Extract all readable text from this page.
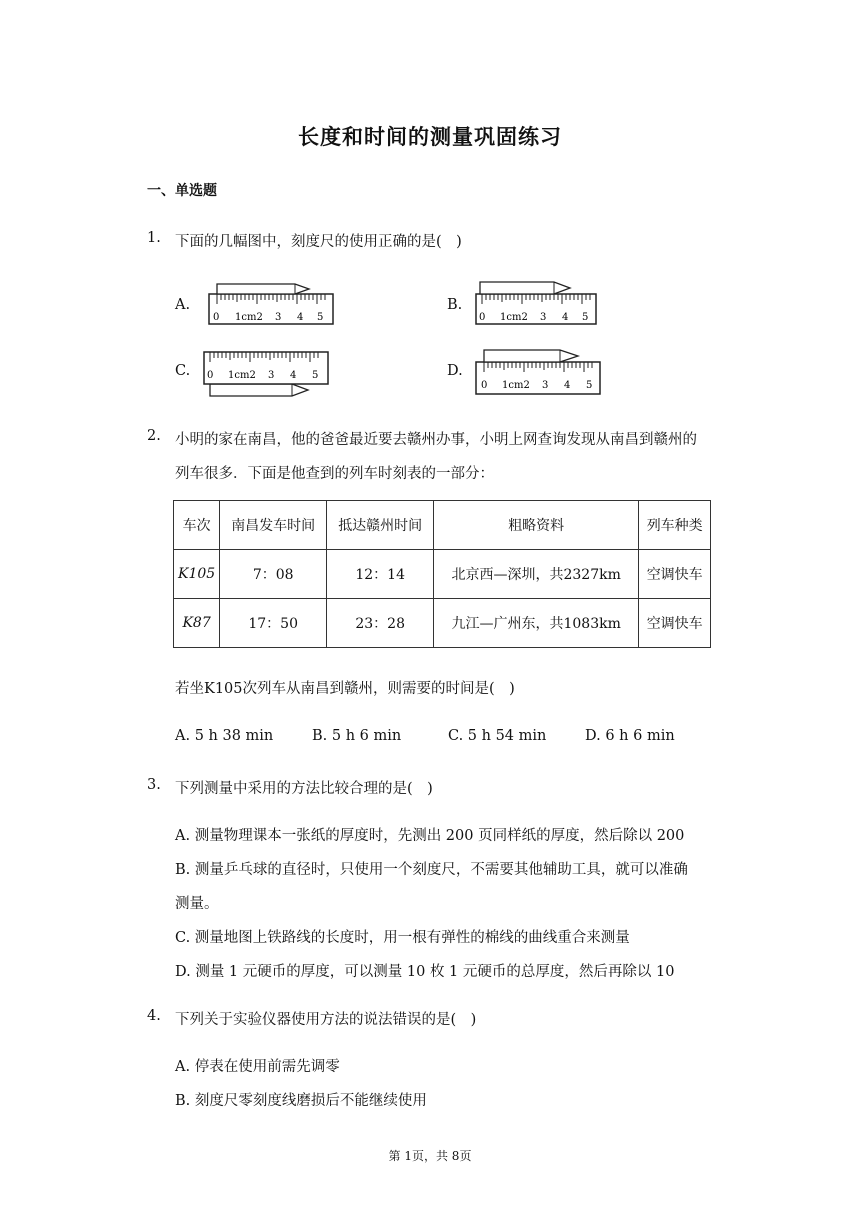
长度和时间的测量巩固练习
一、单选题
1. 下面的几幅图中，刻度尺的使用正确的是(　)
A.	B.
C.	D.
0 1cm2 3 4 5	0 1cm2 3 4 5
0 1cm2 3 4 5
0 1cm2 3 4 5
2. 小明的家在南昌，他的爸爸最近要去赣州办事，小明上网查询发现从南昌到赣州的
列车很多．下面是他查到的列车时刻表的一部分：
车次	南昌发车时间	抵达赣州时间	粗略资料	列车种类
K105	7：08	12：14	北京西—深圳，共2327km	空调快车
K87	17：50	23：28	九江—广州东，共1083km	空调快车
若坐K105次列车从南昌到赣州，则需要的时间是(　)
A. 5 h 38 min	B. 5 h 6 min	C. 5 h 54 min	D. 6 h 6 min
3. 下列测量中采用的方法比较合理的是(　)
A. 测量物理课本一张纸的厚度时，先测出 200 页同样纸的厚度，然后除以 200
B. 测量乒乓球的直径时，只使用一个刻度尺，不需要其他辅助工具，就可以准确
测量。
C. 测量地图上铁路线的长度时，用一根有弹性的棉线的曲线重合来测量
D. 测量 1 元硬币的厚度，可以测量 10 枚 1 元硬币的总厚度，然后再除以 10
4. 下列关于实验仪器使用方法的说法错误的是(　)
A. 停表在使用前需先调零
B. 刻度尺零刻度线磨损后不能继续使用
第 1页，共 8页
